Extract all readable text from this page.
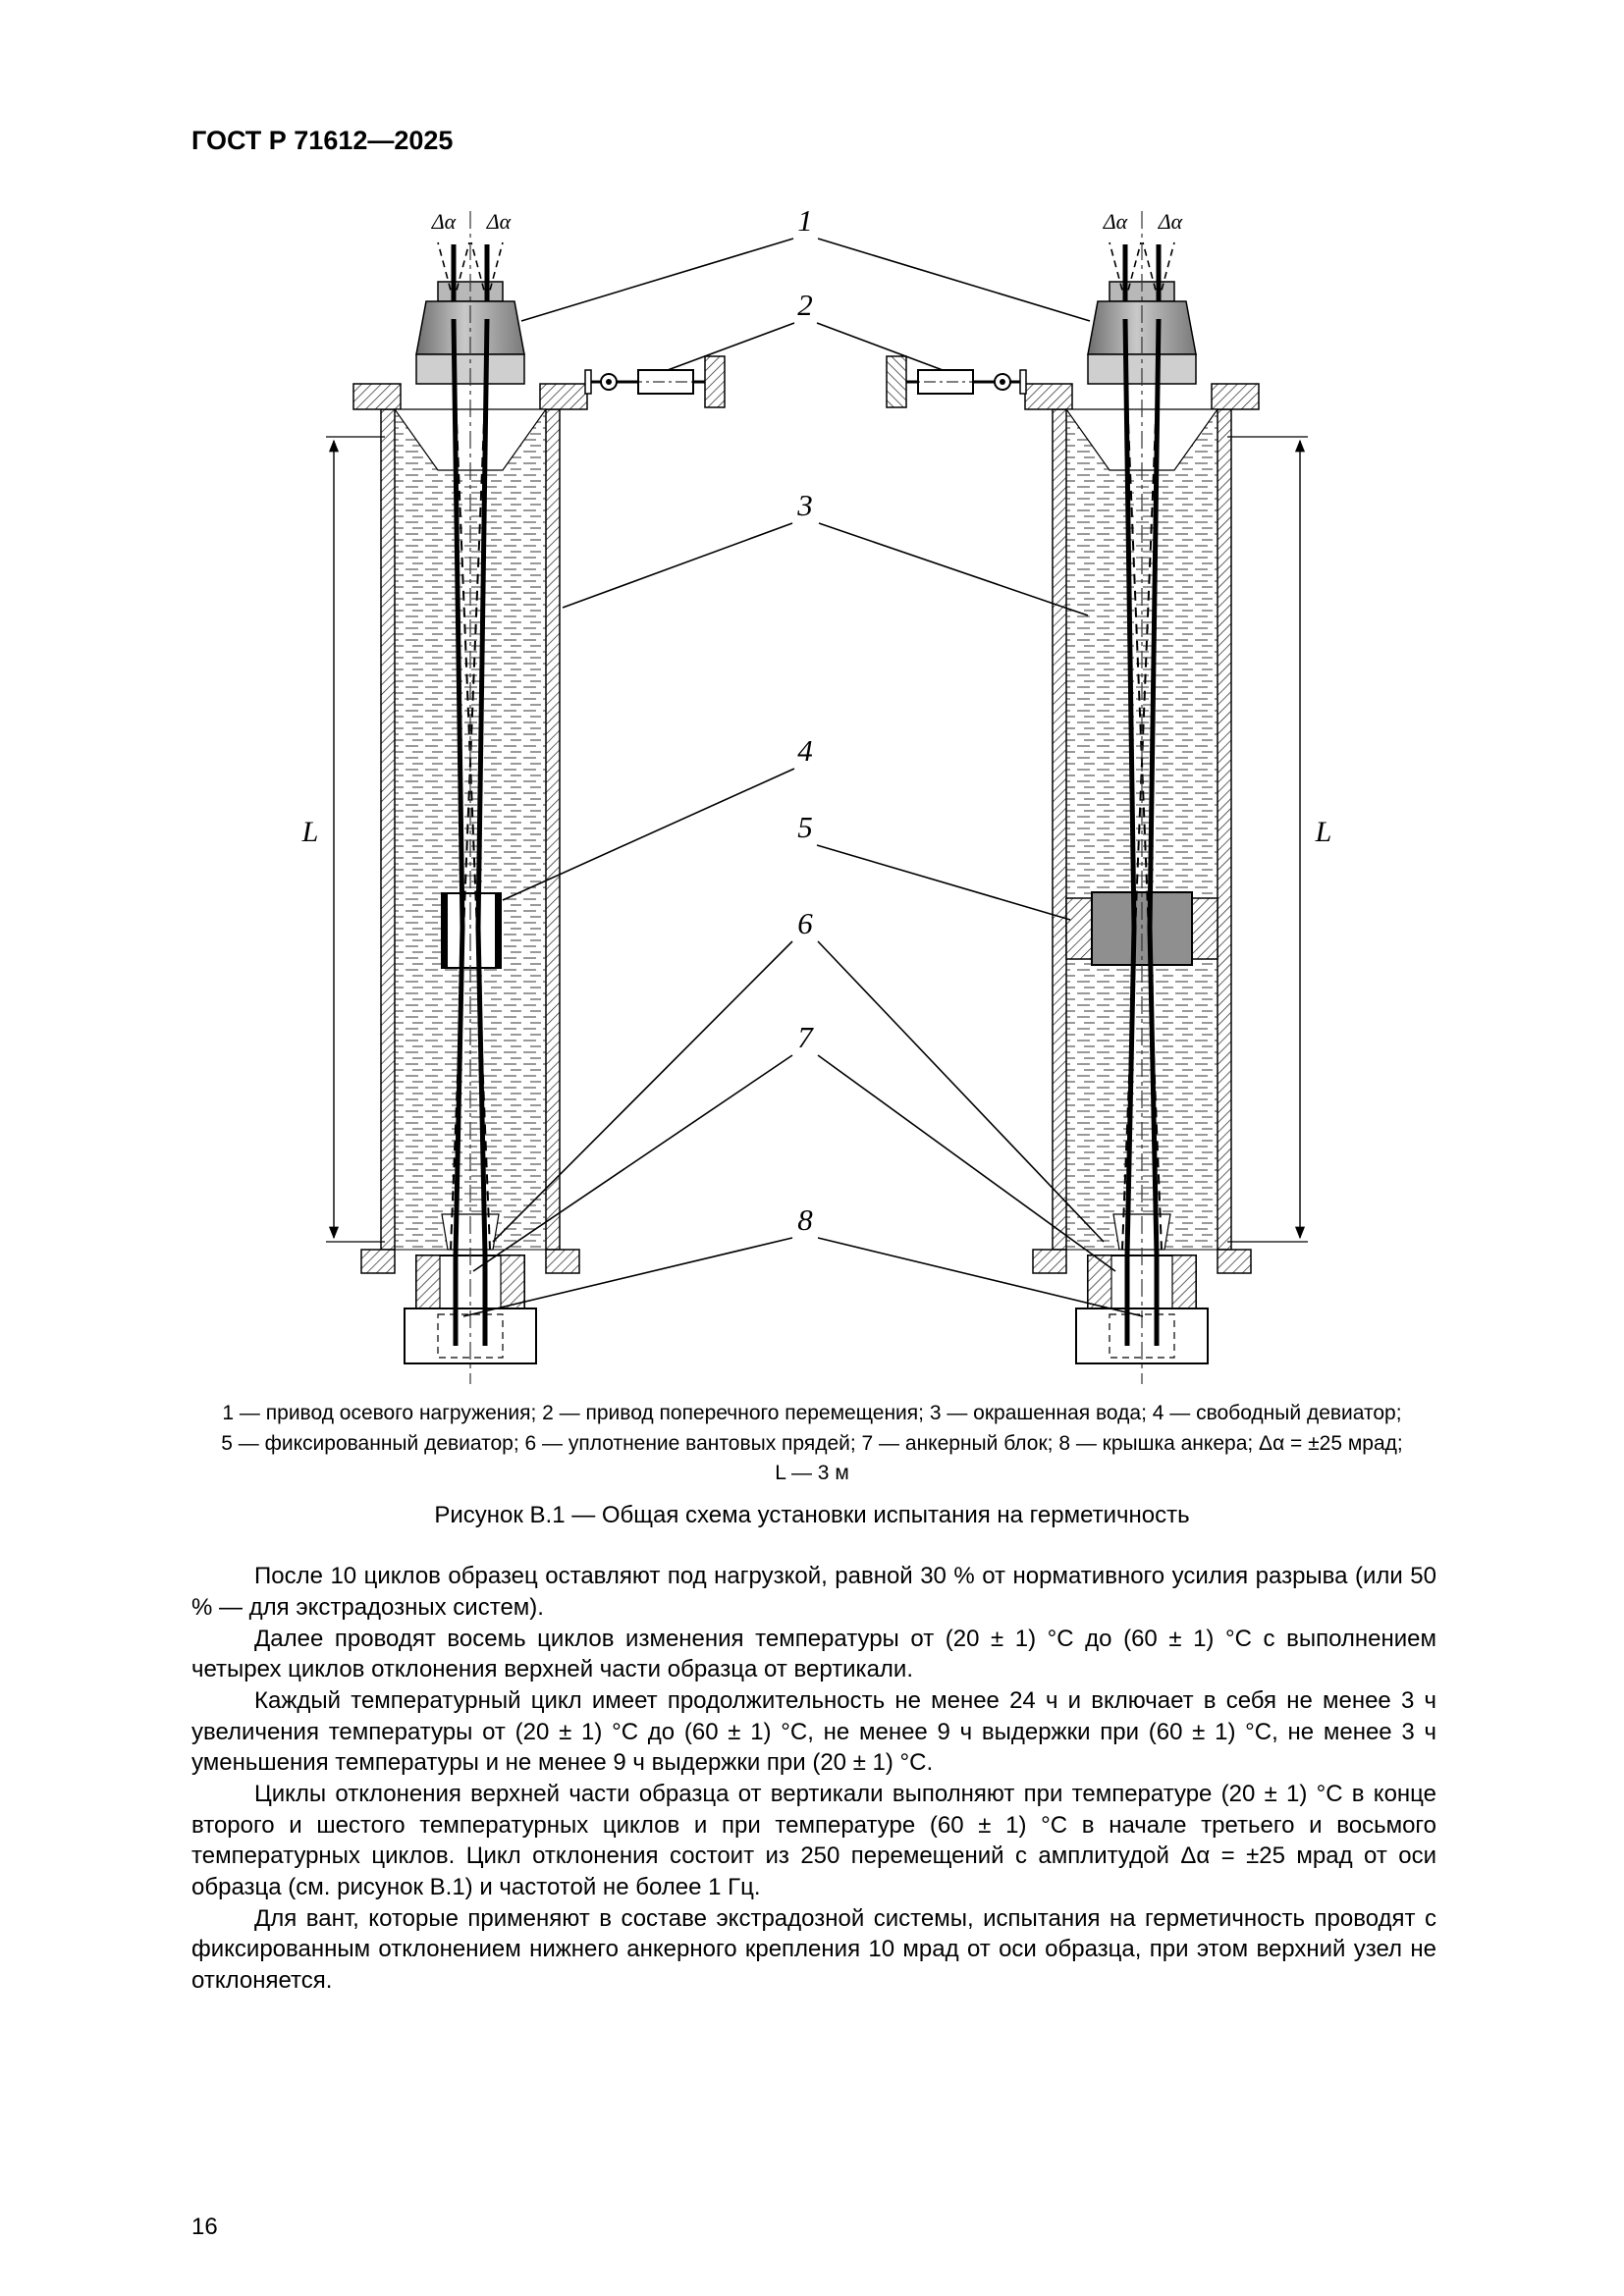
ГОСТ Р 71612—2025
Δα Δα	Δα Δα
L	L
1
2
3
4
5
6
7
8
1 — привод осевого нагружения; 2 — привод поперечного перемещения; 3 — окрашенная вода; 4 — свободный девиатор;
5 — фиксированный девиатор; 6 — уплотнение вантовых прядей; 7 — анкерный блок; 8 — крышка анкера; Δα = ±25 мрад;
L — 3 м
Рисунок В.1 — Общая схема установки испытания на герметичность

После 10 циклов образец оставляют под нагрузкой, равной 30 % от нормативного усилия разрыва (или 50 % — для экстрадозных систем).

Далее проводят восемь циклов изменения температуры от (20 ± 1) °С до (60 ± 1) °С с выполнением четырех циклов отклонения верхней части образца от вертикали.

Каждый температурный цикл имеет продолжительность не менее 24 ч и включает в себя не менее 3 ч увеличения температуры от (20 ± 1) °С до (60 ± 1) °С, не менее 9 ч выдержки при (60 ± 1) °С, не менее 3 ч уменьшения температуры и не менее 9 ч выдержки при (20 ± 1) °С.

Циклы отклонения верхней части образца от вертикали выполняют при температуре (20 ± 1) °С в конце второго и шестого температурных циклов и при температуре (60 ± 1) °С в начале третьего и восьмого температурных циклов. Цикл отклонения состоит из 250 перемещений с амплитудой Δα = ±25 мрад от оси образца (см. рисунок В.1) и частотой не более 1 Гц.

Для вант, которые применяют в составе экстрадозной системы, испытания на герметичность проводят с фиксированным отклонением нижнего анкерного крепления 10 мрад от оси образца, при этом верхний узел не отклоняется.

16
